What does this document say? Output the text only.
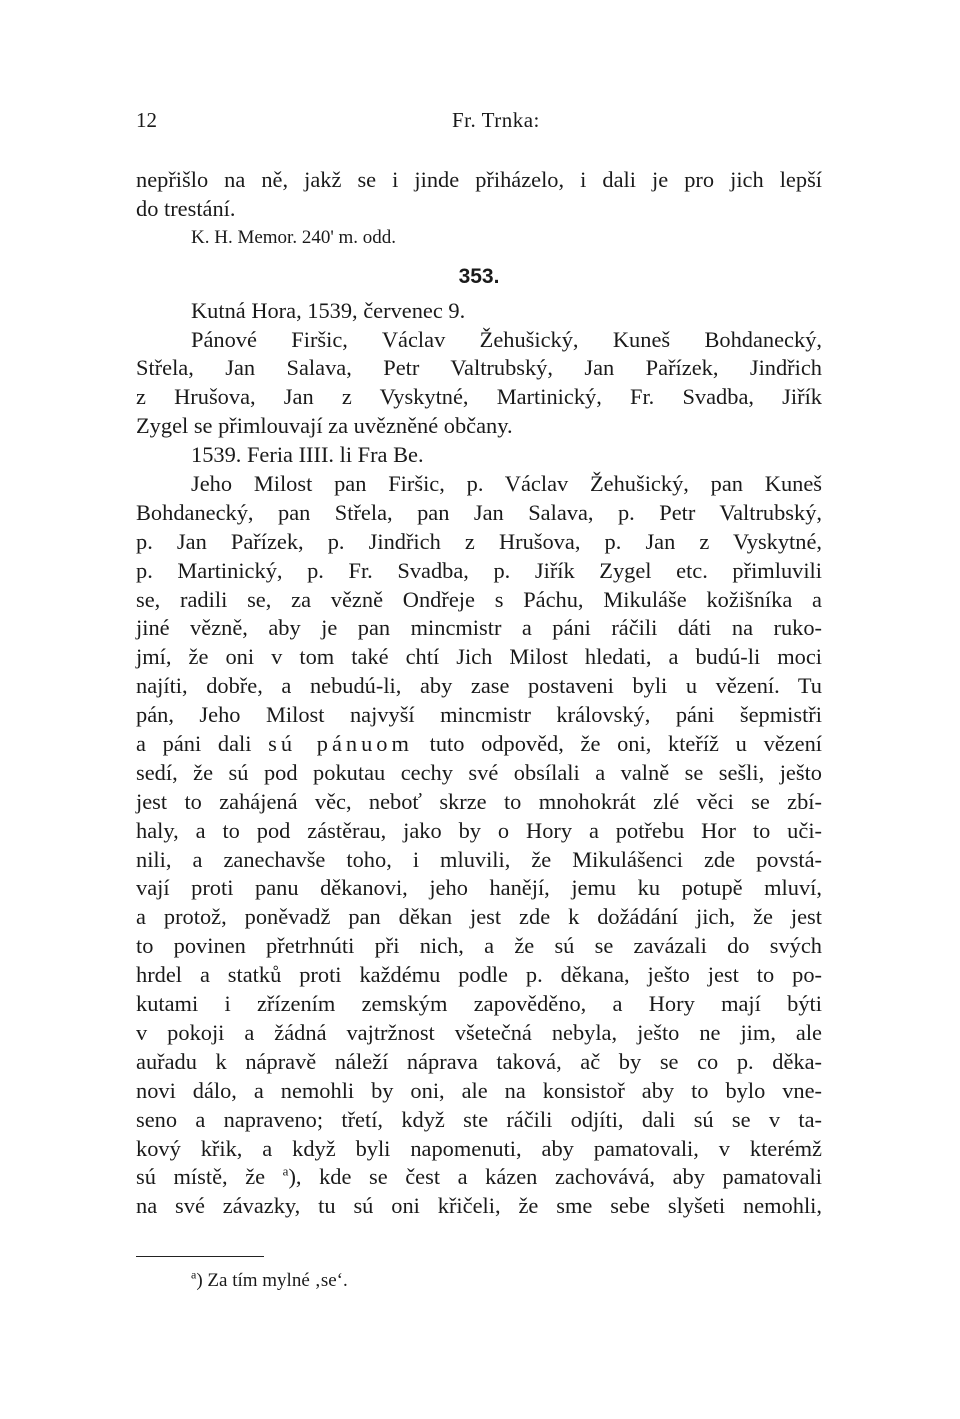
12	Fr. Trnka:
nepřišlo na ně, jakž se i jinde přiházelo, i dali je pro jich lepší
do trestání.
K. H. Memor. 240' m. odd.
353.
Kutná Hora, 1539, červenec 9.
Pánové Firšic, Václav Žehušický, Kuneš Bohdanecký,
Střela, Jan Salava, Petr Valtrubský, Jan Pařízek, Jindřich
z Hrušova, Jan z Vyskytné, Martinický, Fr. Svadba, Jiřík
Zygel se přimlouvají za uvězněné občany.
1539. Feria IIII. li Fra Be.
Jeho Milost pan Firšic, p. Václav Žehušický, pan Kuneš
Bohdanecký, pan Střela, pan Jan Salava, p. Petr Valtrubský,
p. Jan Pařízek, p. Jindřich z Hrušova, p. Jan z Vyskytné,
p. Martinický, p. Fr. Svadba, p. Jiřík Zygel etc. přimluvili
se, radili se, za vězně Ondřeje s Páchu, Mikuláše kožišníka a
jiné vězně, aby je pan mincmistr a páni ráčili dáti na ruko-
jmí, že oni v tom také chtí Jich Milost hledati, a budú-li moci
najíti, dobře, a nebudú-li, aby zase postaveni byli u vězení. Tu
pán, Jeho Milost najvyší mincmistr královský, páni šepmistři
a páni dali sú pánuom tuto odpověd, že oni, kteříž u vězení
sedí, že sú pod pokutau cechy své obsílali a valně se sešli, ješto
jest to zahájená věc, neboť skrze to mnohokrát zlé věci se zbí-
haly, a to pod zástěrau, jako by o Hory a potřebu Hor to uči-
nili, a zanechavše toho, i mluvili, že Mikulášenci zde povstá-
vají proti panu děkanovi, jeho hanějí, jemu ku potupě mluví,
a protož, poněvadž pan děkan jest zde k dožádání jich, že jest
to povinen přetrhnúti při nich, a že sú se zavázali do svých
hrdel a statků proti každému podle p. děkana, ješto jest to po-
kutami i zřízením zemským zapověděno, a Hory mají býti
v pokoji a žádná vajtržnost všetečná nebyla, ješto ne jim, ale
auřadu k nápravě náleží náprava taková, ač by se co p. děka-
novi dálo, a nemohli by oni, ale na konsistoř aby to bylo vne-
seno a napraveno; třetí, když ste ráčili odjíti, dali sú se v ta-
kový křik, a když byli napomenuti, aby pamatovali, v kterémž
sú místě, že $^a$), kde se čest a kázen zachovává, aby pamatovali
na své závazky, tu sú oni křičeli, že sme sebe slyšeti nemohli,
$^a$) Za tím mylné ‚se‘.
